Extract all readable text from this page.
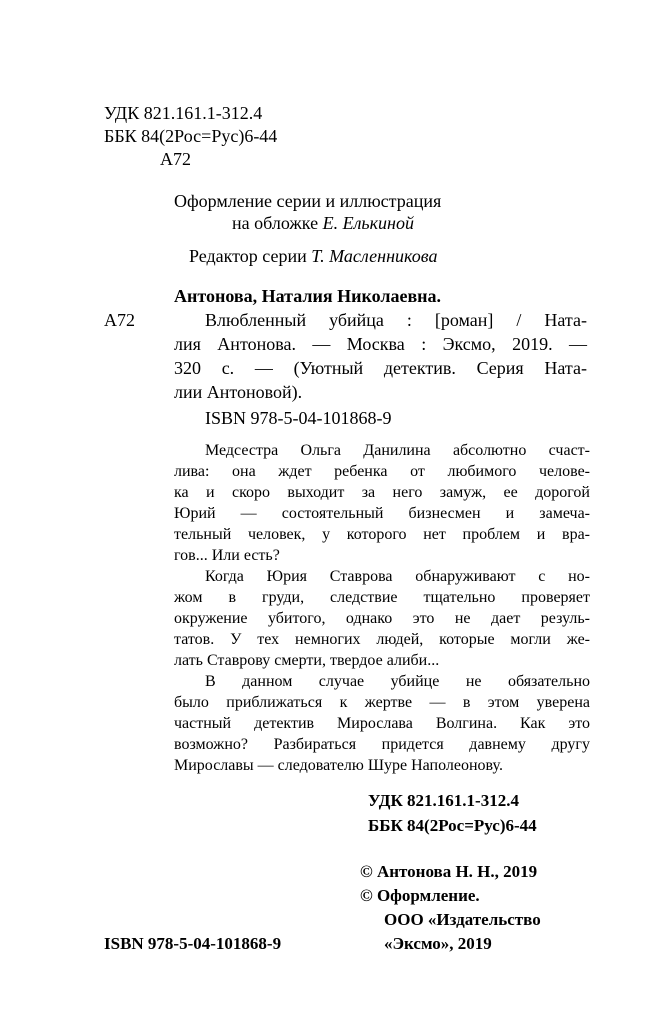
УДК 821.161.1-312.4
ББК 84(2Рос=Рус)6-44
А72
Оформление серии и иллюстрация
на обложке Е. Елькиной
Редактор серии Т. Масленникова
Антонова, Наталия Николаевна.
А72	Влюбленный убийца : [роман] / Ната-
лия Антонова. — Москва : Эксмо, 2019. —
320 с. — (Уютный детектив. Серия Ната-
лии Антоновой).
ISBN 978-5-04-101868-9
Медсестра Ольга Данилина абсолютно счаст-
лива: она ждет ребенка от любимого челове-
ка и скоро выходит за него замуж, ее дорогой
Юрий — состоятельный бизнесмен и замеча-
тельный человек, у которого нет проблем и вра-
гов... Или есть?
Когда Юрия Ставрова обнаруживают с но-
жом в груди, следствие тщательно проверяет
окружение убитого, однако это не дает резуль-
татов. У тех немногих людей, которые могли же-
лать Ставрову смерти, твердое алиби...
В данном случае убийце не обязательно
было приближаться к жертве — в этом уверена
частный детектив Мирослава Волгина. Как это
возможно? Разбираться придется давнему другу
Мирославы — следователю Шуре Наполеонову.
УДК 821.161.1-312.4
ББК 84(2Рос=Рус)6-44
© Антонова Н. Н., 2019
© Оформление.
ООО «Издательство
ISBN 978-5-04-101868-9	«Эксмо», 2019
